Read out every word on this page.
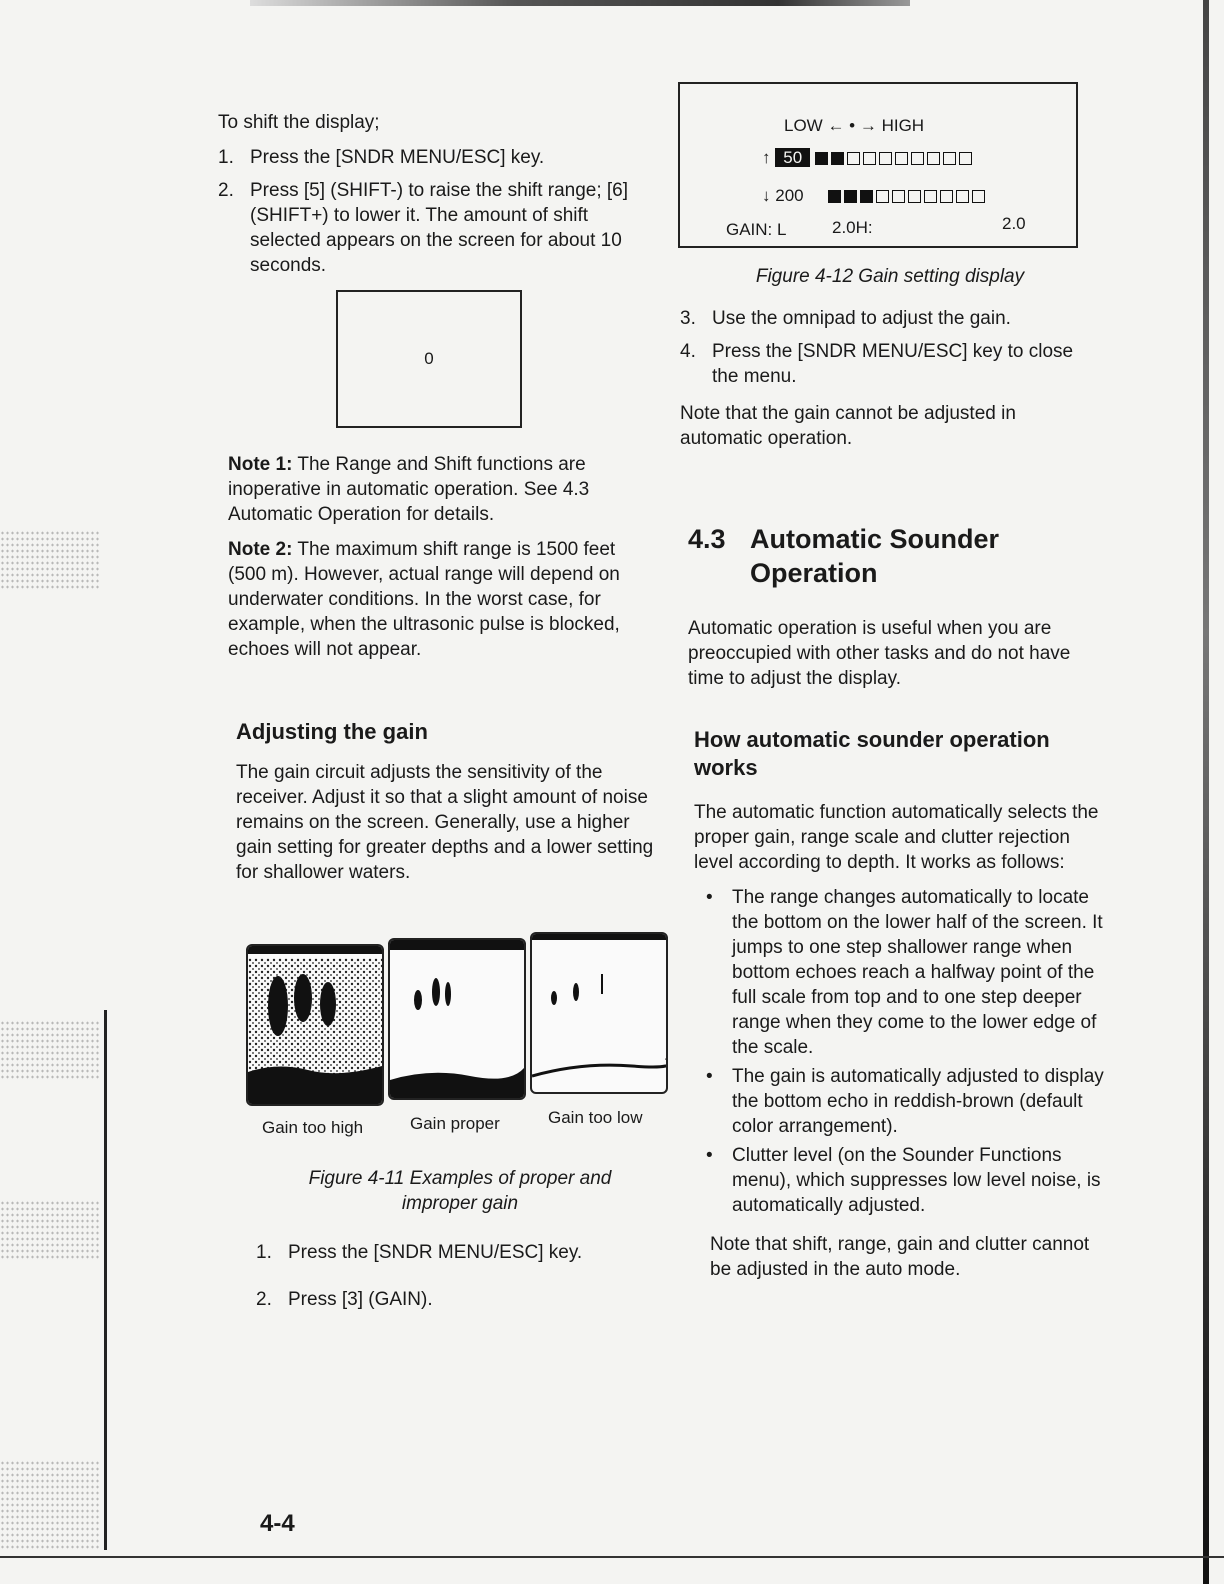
To shift the display;

1. Press the [SNDR MENU/ESC] key.
2. Press [5] (SHIFT-) to raise the shift range; [6] (SHIFT+) to lower it. The amount of shift selected appears on the screen for about 10 seconds.
0

Note 1: The Range and Shift functions are inoperative in automatic operation. See 4.3 Automatic Operation for details.

Note 2: The maximum shift range is 1500 feet (500 m). However, actual range will depend on underwater conditions. In the worst case, for example, when the ultrasonic pulse is blocked, echoes will not appear.

Adjusting the gain

The gain circuit adjusts the sensitivity of the receiver. Adjust it so that a slight amount of noise remains on the screen. Generally, use a higher gain setting for greater depths and a lower setting for shallower waters.

Gain too high	Gain proper	Gain too low
Figure 4-11 Examples of proper and
improper gain
1. Press the [SNDR MENU/ESC] key.
2. Press [3] (GAIN).
4-4
LOW ← • → HIGH
↑ 50
↓ 200
GAIN: L	2.0H:	2.0
Figure 4-12 Gain setting display
3. Use the omnipad to adjust the gain.
4. Press the [SNDR MENU/ESC] key to close the menu.

Note that the gain cannot be adjusted in automatic operation.

4.3 Automatic Sounder
Operation

Automatic operation is useful when you are preoccupied with other tasks and do not have time to adjust the display.

How automatic sounder operation
works

The automatic function automatically selects the proper gain, range scale and clutter rejection level according to depth. It works as follows:

• The range changes automatically to locate the bottom on the lower half of the screen. It jumps to one step shallower range when bottom echoes reach a halfway point of the full scale from top and to one step deeper range when they come to the lower edge of the scale.
• The gain is automatically adjusted to display the bottom echo in reddish-brown (default color arrangement).
• Clutter level (on the Sounder Functions menu), which suppresses low level noise, is automatically adjusted.

Note that shift, range, gain and clutter cannot be adjusted in the auto mode.
